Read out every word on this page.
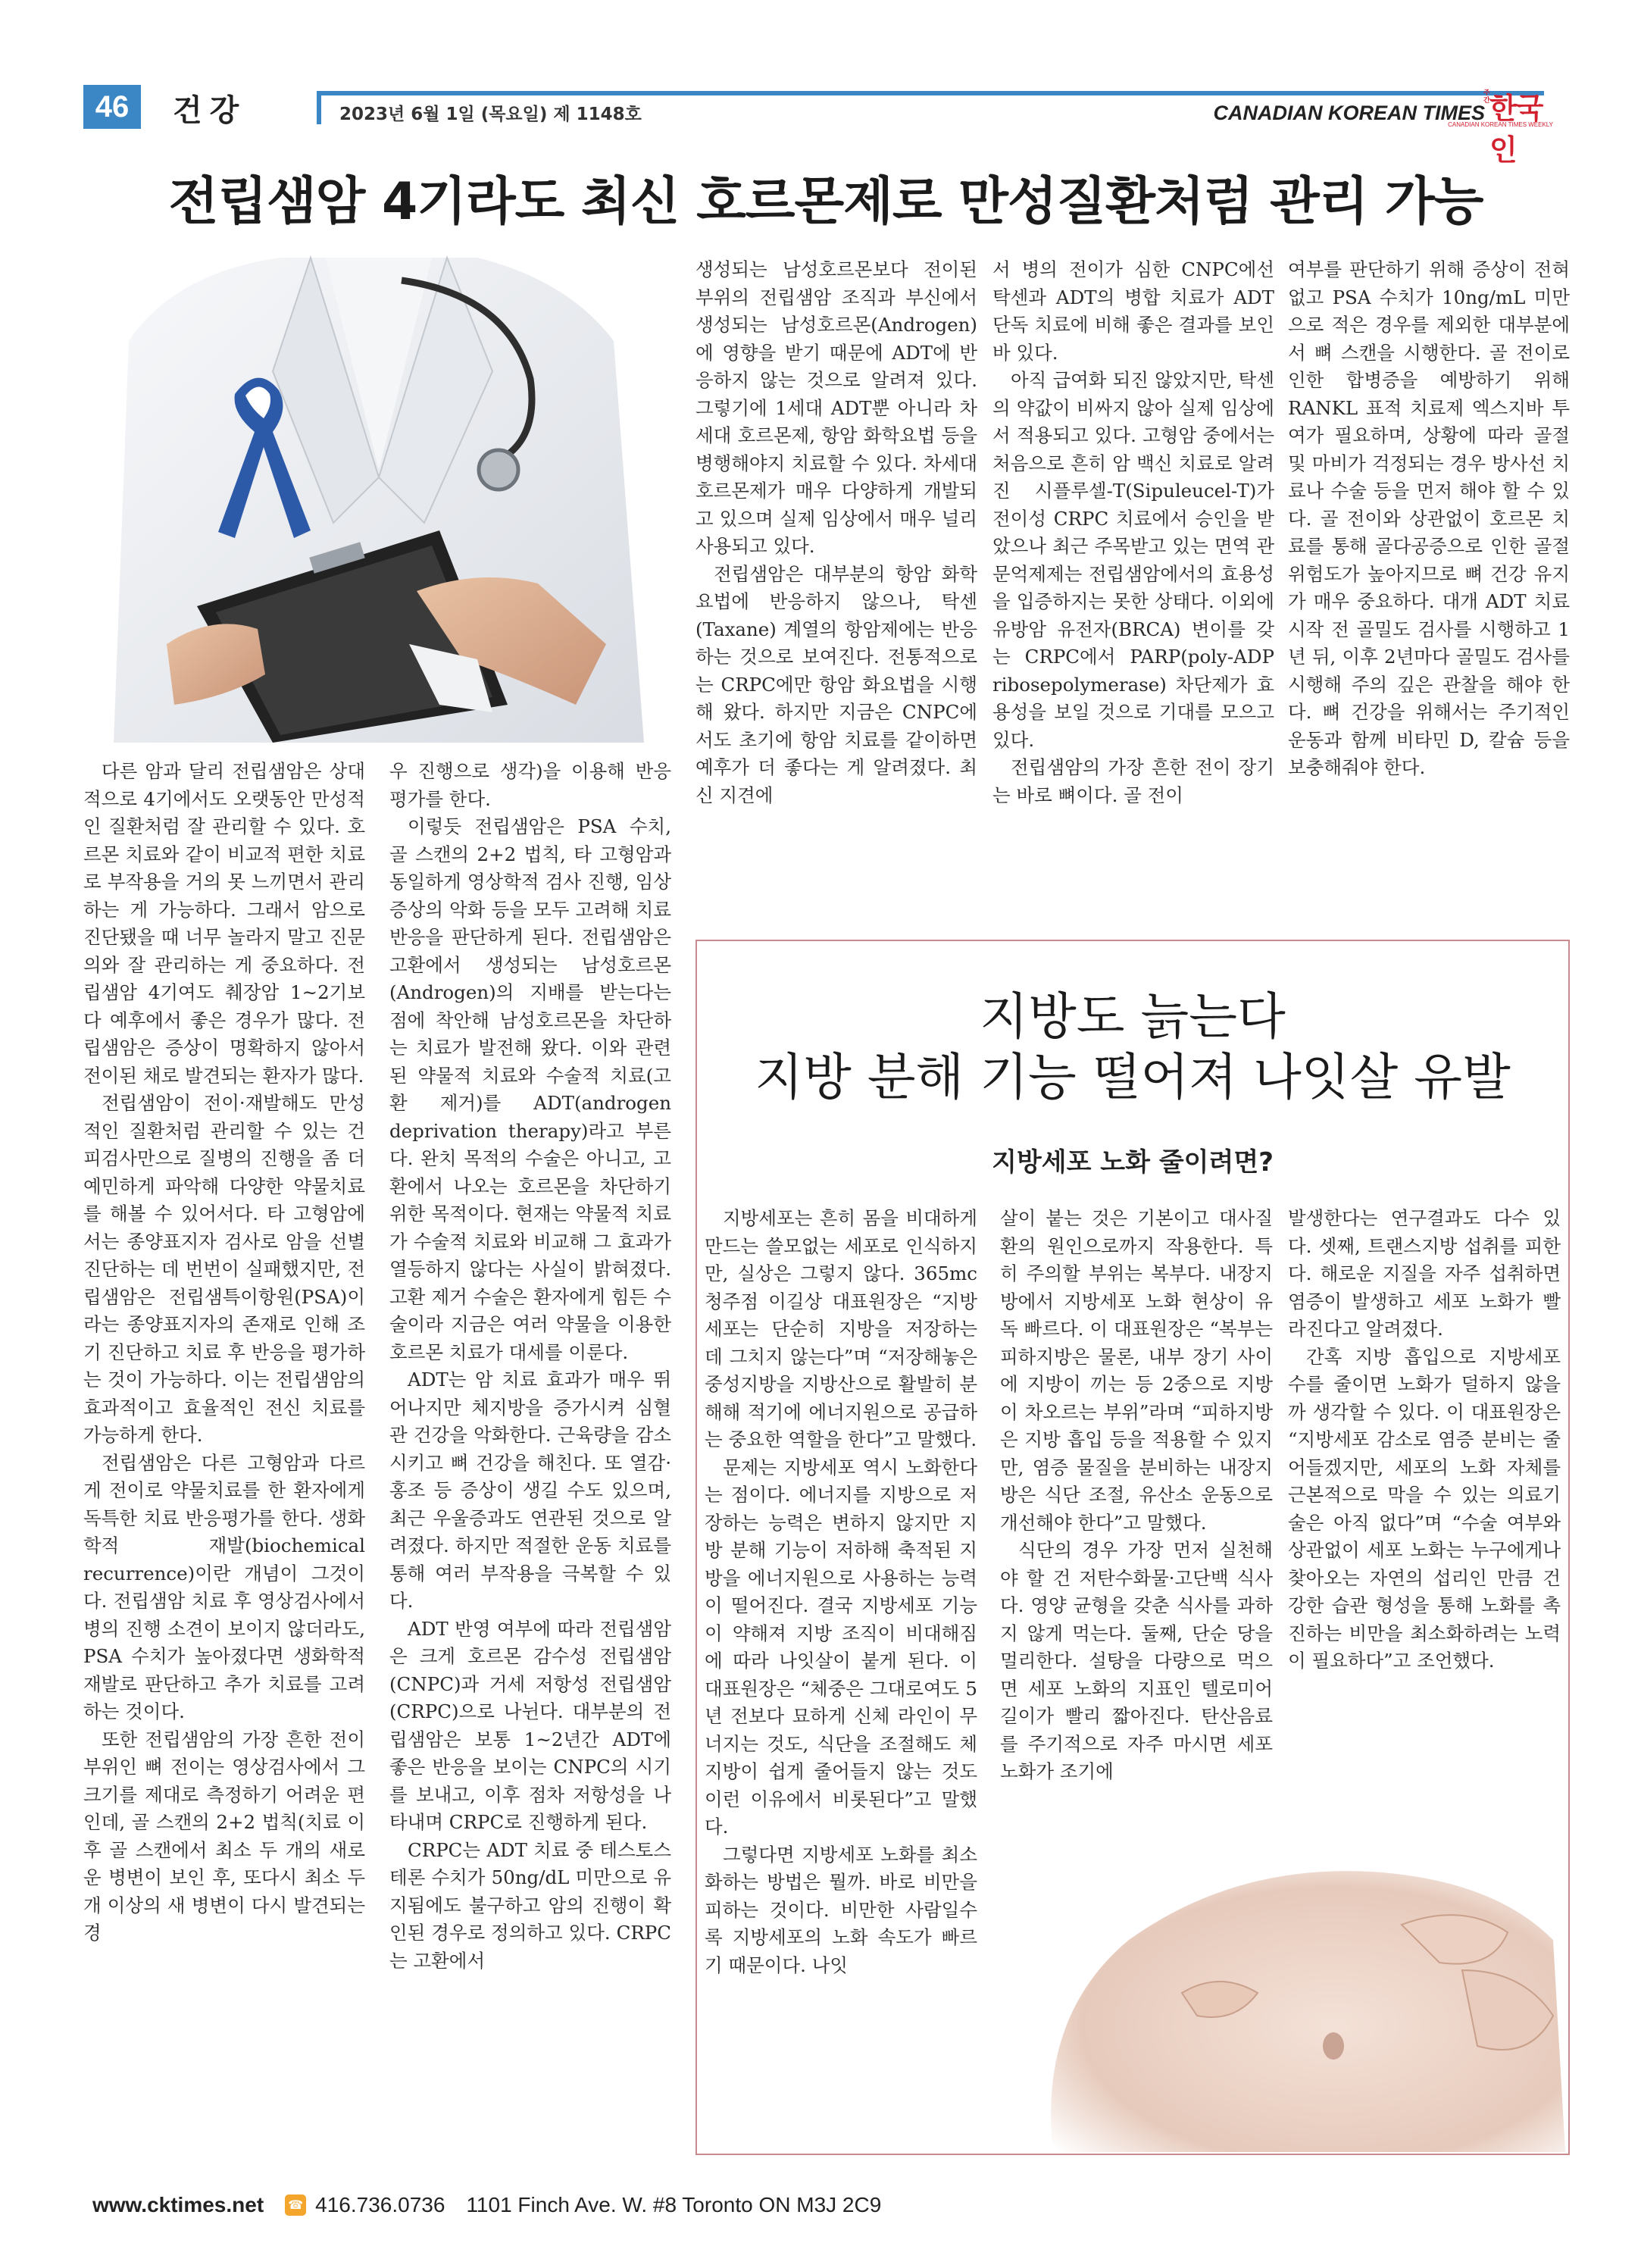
46	건강	2023년 6월 1일 (목요일) 제 1148호	CANADIAN KOREAN TIMES
주간 한국인
CANADIAN KOREAN TIMES WEEKLY
전립샘암 4기라도 최신 호르몬제로 만성질환처럼 관리 가능

다른 암과 달리 전립샘암은 상대적으로 4기에서도 오랫동안 만성적인 질환처럼 잘 관리할 수 있다. 호르몬 치료와 같이 비교적 편한 치료로 부작용을 거의 못 느끼면서 관리하는 게 가능하다. 그래서 암으로 진단됐을 때 너무 놀라지 말고 진문의와 잘 관리하는 게 중요하다. 전립샘암 4기여도 췌장암 1~2기보다 예후에서 좋은 경우가 많다. 전립샘암은 증상이 명확하지 않아서 전이된 채로 발견되는 환자가 많다.

전립샘암이 전이·재발해도 만성적인 질환처럼 관리할 수 있는 건 피검사만으로 질병의 진행을 좀 더 예민하게 파악해 다양한 약물치료를 해볼 수 있어서다. 타 고형암에서는 종양표지자 검사로 암을 선별 진단하는 데 번번이 실패했지만, 전립샘암은 전립샘특이항원(PSA)이라는 종양표지자의 존재로 인해 조기 진단하고 치료 후 반응을 평가하는 것이 가능하다. 이는 전립샘암의 효과적이고 효율적인 전신 치료를 가능하게 한다.

전립샘암은 다른 고형암과 다르게 전이로 약물치료를 한 환자에게 독특한 치료 반응평가를 한다. 생화학적 재발(biochemical recurrence)이란 개념이 그것이다. 전립샘암 치료 후 영상검사에서 병의 진행 소견이 보이지 않더라도, PSA 수치가 높아졌다면 생화학적 재발로 판단하고 추가 치료를 고려하는 것이다.

또한 전립샘암의 가장 흔한 전이 부위인 뼈 전이는 영상검사에서 그 크기를 제대로 측정하기 어려운 편인데, 골 스캔의 2+2 법칙(치료 이후 골 스캔에서 최소 두 개의 새로운 병변이 보인 후, 또다시 최소 두 개 이상의 새 병변이 다시 발견되는 경

우 진행으로 생각)을 이용해 반응평가를 한다.

이렇듯 전립샘암은 PSA 수치, 골 스캔의 2+2 법칙, 타 고형암과 동일하게 영상학적 검사 진행, 임상 증상의 악화 등을 모두 고려해 치료 반응을 판단하게 된다. 전립샘암은 고환에서 생성되는 남성호르몬(Androgen)의 지배를 받는다는 점에 착안해 남성호르몬을 차단하는 치료가 발전해 왔다. 이와 관련된 약물적 치료와 수술적 치료(고환 제거)를 ADT(androgen deprivation therapy)라고 부른다. 완치 목적의 수술은 아니고, 고환에서 나오는 호르몬을 차단하기 위한 목적이다. 현재는 약물적 치료가 수술적 치료와 비교해 그 효과가 열등하지 않다는 사실이 밝혀졌다. 고환 제거 수술은 환자에게 힘든 수술이라 지금은 여러 약물을 이용한 호르몬 치료가 대세를 이룬다.

ADT는 암 치료 효과가 매우 뛰어나지만 체지방을 증가시켜 심혈관 건강을 악화한다. 근육량을 감소시키고 뼈 건강을 해친다. 또 열감·홍조 등 증상이 생길 수도 있으며, 최근 우울증과도 연관된 것으로 알려졌다. 하지만 적절한 운동 치료를 통해 여러 부작용을 극복할 수 있다.

ADT 반영 여부에 따라 전립샘암은 크게 호르몬 감수성 전립샘암(CNPC)과 거세 저항성 전립샘암(CRPC)으로 나뉜다. 대부분의 전립샘암은 보통 1~2년간 ADT에 좋은 반응을 보이는 CNPC의 시기를 보내고, 이후 점차 저항성을 나타내며 CRPC로 진행하게 된다.

CRPC는 ADT 치료 중 테스토스테론 수치가 50ng/dL 미만으로 유지됨에도 불구하고 암의 진행이 확인된 경우로 정의하고 있다. CRPC는 고환에서

생성되는 남성호르몬보다 전이된 부위의 전립샘암 조직과 부신에서 생성되는 남성호르몬(Androgen)에 영향을 받기 때문에 ADT에 반응하지 않는 것으로 알려져 있다. 그렇기에 1세대 ADT뿐 아니라 차세대 호르몬제, 항암 화학요법 등을 병행해야지 치료할 수 있다. 차세대 호르몬제가 매우 다양하게 개발되고 있으며 실제 임상에서 매우 널리 사용되고 있다.

전립샘암은 대부분의 항암 화학요법에 반응하지 않으나, 탁센(Taxane) 계열의 항암제에는 반응하는 것으로 보여진다. 전통적으로는 CRPC에만 항암 화요법을 시행해 왔다. 하지만 지금은 CNPC에서도 초기에 항암 치료를 같이하면 예후가 더 좋다는 게 알려졌다. 최신 지견에

서 병의 전이가 심한 CNPC에선 탁센과 ADT의 병합 치료가 ADT 단독 치료에 비해 좋은 결과를 보인 바 있다.

아직 급여화 되진 않았지만, 탁센의 약값이 비싸지 않아 실제 임상에서 적용되고 있다. 고형암 중에서는 처음으로 흔히 암 백신 치료로 알려진 시플루셀-T(Sipuleucel-T)가 전이성 CRPC 치료에서 승인을 받았으나 최근 주목받고 있는 면역 관문억제제는 전립샘암에서의 효용성을 입증하지는 못한 상태다. 이외에 유방암 유전자(BRCA) 변이를 갖는 CRPC에서 PARP(poly-ADP ribosepolymerase) 차단제가 효용성을 보일 것으로 기대를 모으고 있다.

전립샘암의 가장 흔한 전이 장기는 바로 뼈이다. 골 전이

여부를 판단하기 위해 증상이 전혀 없고 PSA 수치가 10ng/mL 미만으로 적은 경우를 제외한 대부분에서 뼈 스캔을 시행한다. 골 전이로 인한 합병증을 예방하기 위해 RANKL 표적 치료제 엑스지바 투여가 필요하며, 상황에 따라 골절 및 마비가 걱정되는 경우 방사선 치료나 수술 등을 먼저 해야 할 수 있다. 골 전이와 상관없이 호르몬 치료를 통해 골다공증으로 인한 골절 위험도가 높아지므로 뼈 건강 유지가 매우 중요하다. 대개 ADT 치료 시작 전 골밀도 검사를 시행하고 1년 뒤, 이후 2년마다 골밀도 검사를 시행해 주의 깊은 관찰을 해야 한다. 뼈 건강을 위해서는 주기적인 운동과 함께 비타민 D, 칼슘 등을 보충해줘야 한다.

지방도 늙는다
지방 분해 기능 떨어져 나잇살 유발
지방세포 노화 줄이려면?

지방세포는 흔히 몸을 비대하게 만드는 쓸모없는 세포로 인식하지만, 실상은 그렇지 않다. 365mc 청주점 이길상 대표원장은 “지방세포는 단순히 지방을 저장하는 데 그치지 않는다”며 “저장해놓은 중성지방을 지방산으로 활발히 분해해 적기에 에너지원으로 공급하는 중요한 역할을 한다”고 말했다.

문제는 지방세포 역시 노화한다는 점이다. 에너지를 지방으로 저장하는 능력은 변하지 않지만 지방 분해 기능이 저하해 축적된 지방을 에너지원으로 사용하는 능력이 떨어진다. 결국 지방세포 기능이 약해져 지방 조직이 비대해짐에 따라 나잇살이 붙게 된다. 이 대표원장은 “체중은 그대로여도 5년 전보다 묘하게 신체 라인이 무너지는 것도, 식단을 조절해도 체지방이 쉽게 줄어들지 않는 것도 이런 이유에서 비롯된다”고 말했다.

그렇다면 지방세포 노화를 최소화하는 방법은 뭘까. 바로 비만을 피하는 것이다. 비만한 사람일수록 지방세포의 노화 속도가 빠르기 때문이다. 나잇

살이 붙는 것은 기본이고 대사질환의 원인으로까지 작용한다. 특히 주의할 부위는 복부다. 내장지방에서 지방세포 노화 현상이 유독 빠르다. 이 대표원장은 “복부는 피하지방은 물론, 내부 장기 사이에 지방이 끼는 등 2중으로 지방이 차오르는 부위”라며 “피하지방은 지방 흡입 등을 적용할 수 있지만, 염증 물질을 분비하는 내장지방은 식단 조절, 유산소 운동으로 개선해야 한다”고 말했다.

식단의 경우 가장 먼저 실천해야 할 건 저탄수화물·고단백 식사다. 영양 균형을 갖춘 식사를 과하지 않게 먹는다. 둘째, 단순 당을 멀리한다. 설탕을 다량으로 먹으면 세포 노화의 지표인 텔로미어 길이가 빨리 짧아진다. 탄산음료를 주기적으로 자주 마시면 세포 노화가 조기에

발생한다는 연구결과도 다수 있다. 셋째, 트랜스지방 섭취를 피한다. 해로운 지질을 자주 섭취하면 염증이 발생하고 세포 노화가 빨라진다고 알려졌다.

간혹 지방 흡입으로 지방세포 수를 줄이면 노화가 덜하지 않을까 생각할 수 있다. 이 대표원장은 “지방세포 감소로 염증 분비는 줄어들겠지만, 세포의 노화 자체를 근본적으로 막을 수 있는 의료기술은 아직 없다”며 “수술 여부와 상관없이 세포 노화는 누구에게나 찾아오는 자연의 섭리인 만큼 건강한 습관 형성을 통해 노화를 촉진하는 비만을 최소화하려는 노력이 필요하다”고 조언했다.

www.cktimes.net ☎ 416.736.0736 1101 Finch Ave. W. #8 Toronto ON M3J 2C9
